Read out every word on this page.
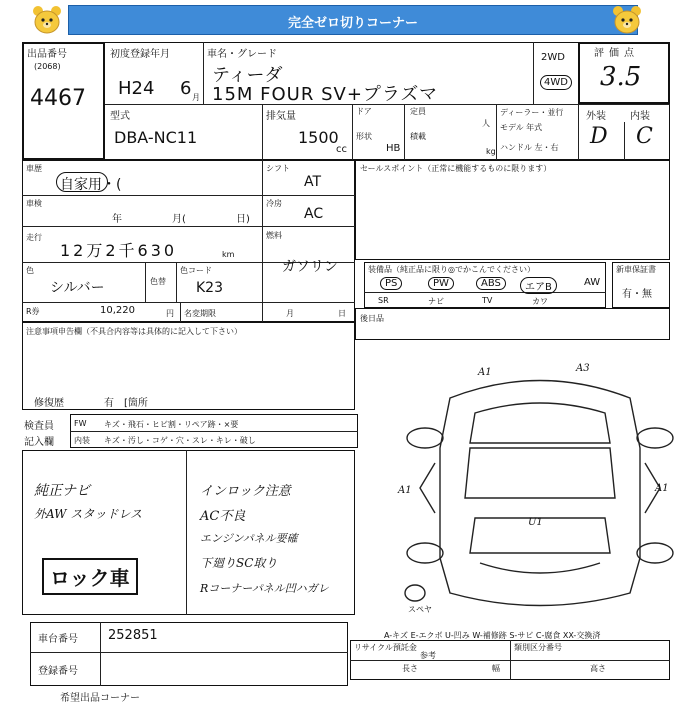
完全ゼロ切りコーナー
出品番号
(2068)
4467
初度登録年月
H24 6 月
車名・グレード
ティーダ
15M FOUR SV+プラズマ
2WD
4WD
評価点
3.5
型式
DBA-NC11
排気量
1500
cc
ドア	定員
人
形状
HB
積載
kg
ディーラー・並行
モデル 年式
ハンドル 左・右
外装 内装
D C
車歴
自家用・(
シフト
AT
車検
年	月(	日)
冷房
AC
走行
12万2千630	km
燃料
ガソリン
色
シルバー	色替
色コード
K23
R券	10,220	円 名変期限	月	日
セールスポイント（正常に機能するものに限ります）
装備品（純正品に限り◎でかこんでください）
PS	PW	ABS	エアB	AW
SR	ナビ	TV	カワ
新車保証書
有・無
後日品
注意事項申告欄（不具合内容等は具体的に記入して下さい）
修復歴	有　[箇所
検査員
記入欄
FW キズ・飛石・ヒビ割・リペア跡・×要
内装 キズ・汚し・コゲ・穴・スレ・キレ・破し
純正ナビ
外AW スタッドレス
インロック注意
AC不良
エンジンパネル要確
下廻りSC取り
Rコーナーパネル凹ハガレ
ロック車
A1	A3
A1	A1
U1
スペヤ
A-キズ E-エクボ U-凹み W-補修跡 S-サビ C-腐食 XX-交換済
車台番号 252851
登録番号
リサイクル預託金
参考
類別区分番号
長さ	幅	高さ
希望出品コーナー
